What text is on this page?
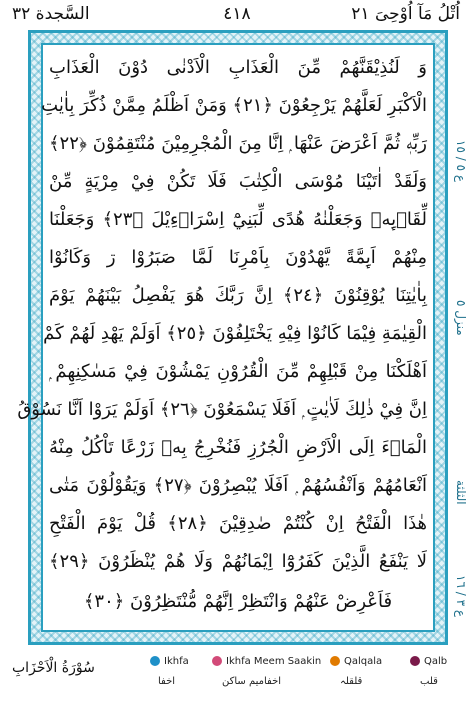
السَّجدة ٣٢	٤١٨	اُتْلُ مَآ اُوْحِیَ ٢١
وَ لَنُذِيْقَنَّهُمْ مِّنَ الْعَذَابِ الْاَدْنٰى دُوْنَ الْعَذَابِ
الْاَكْبَرِ لَعَلَّهُمْ يَرْجِعُوْنَ ﴿٢١﴾ وَمَنْ اَظْلَمُ مِمَّنْ ذُكِّرَ بِاٰيٰتِ
رَبِّهٖ ثُمَّ اَعْرَضَ عَنْهَا ۭ اِنَّا مِنَ الْمُجْرِمِيْنَ مُنْتَقِمُوْنَ ﴿٢٢﴾
وَلَقَدْ اٰتَيْنَا مُوْسَى الْكِتٰبَ فَلَا تَكُنْ فِيْ مِرْيَةٍ مِّنْ
لِّقَاۗىِٕهٖ وَجَعَلْنٰهُ هُدًى لِّبَنِيْٓ اِسْرَاۗءِيْلَ ﴿٢٣﴾ وَجَعَلْنَا
مِنْهُمْ اَىِٕمَّةً يَّهْدُوْنَ بِاَمْرِنَا لَمَّا صَبَرُوْا ڗ وَكَانُوْا
بِاٰيٰتِنَا يُوْقِنُوْنَ ﴿٢٤﴾ اِنَّ رَبَّكَ هُوَ يَفْصِلُ بَيْنَهُمْ يَوْمَ
الْقِيٰمَةِ فِيْمَا كَانُوْا فِيْهِ يَخْتَلِفُوْنَ ﴿٢٥﴾ اَوَلَمْ يَهْدِ لَهُمْ كَمْ
اَهْلَكْنَا مِنْ قَبْلِهِمْ مِّنَ الْقُرُوْنِ يَمْشُوْنَ فِيْ مَسٰكِنِهِمْ ۭ
اِنَّ فِيْ ذٰلِكَ لَاٰيٰتٍ ۭ اَفَلَا يَسْمَعُوْنَ ﴿٢٦﴾ اَوَلَمْ يَرَوْا اَنَّا نَسُوْقُ
الْمَاۗءَ اِلَى الْاَرْضِ الْجُرُزِ فَنُخْرِجُ بِهٖ زَرْعًا تَاْكُلُ مِنْهُ
اَنْعَامُهُمْ وَاَنْفُسُهُمْ ۭ اَفَلَا يُبْصِرُوْنَ ﴿٢٧﴾ وَيَقُوْلُوْنَ مَتٰى
هٰذَا الْفَتْحُ اِنْ كُنْتُمْ صٰدِقِيْنَ ﴿٢٨﴾ قُلْ يَوْمَ الْفَتْحِ
لَا يَنْفَعُ الَّذِيْنَ كَفَرُوْٓا اِيْمَانُهُمْ وَلَا هُمْ يُنْظَرُوْنَ ﴿٢٩﴾
فَاَعْرِضْ عَنْهُمْ وَانْتَظِرْ اِنَّهُمْ مُّنْتَظِرُوْنَ ﴿٣٠﴾
ع ٥ / ١٥
منزل ٥
الثلثة
ع ٣ / ١٦
سُوْرَةُ الْاَحْزَابِ	Ikhfa
اخفا
Ikhfa Meem Saakin
اخفامیم ساکن
Qalqala
قلقلہ
Qalb
قلب
